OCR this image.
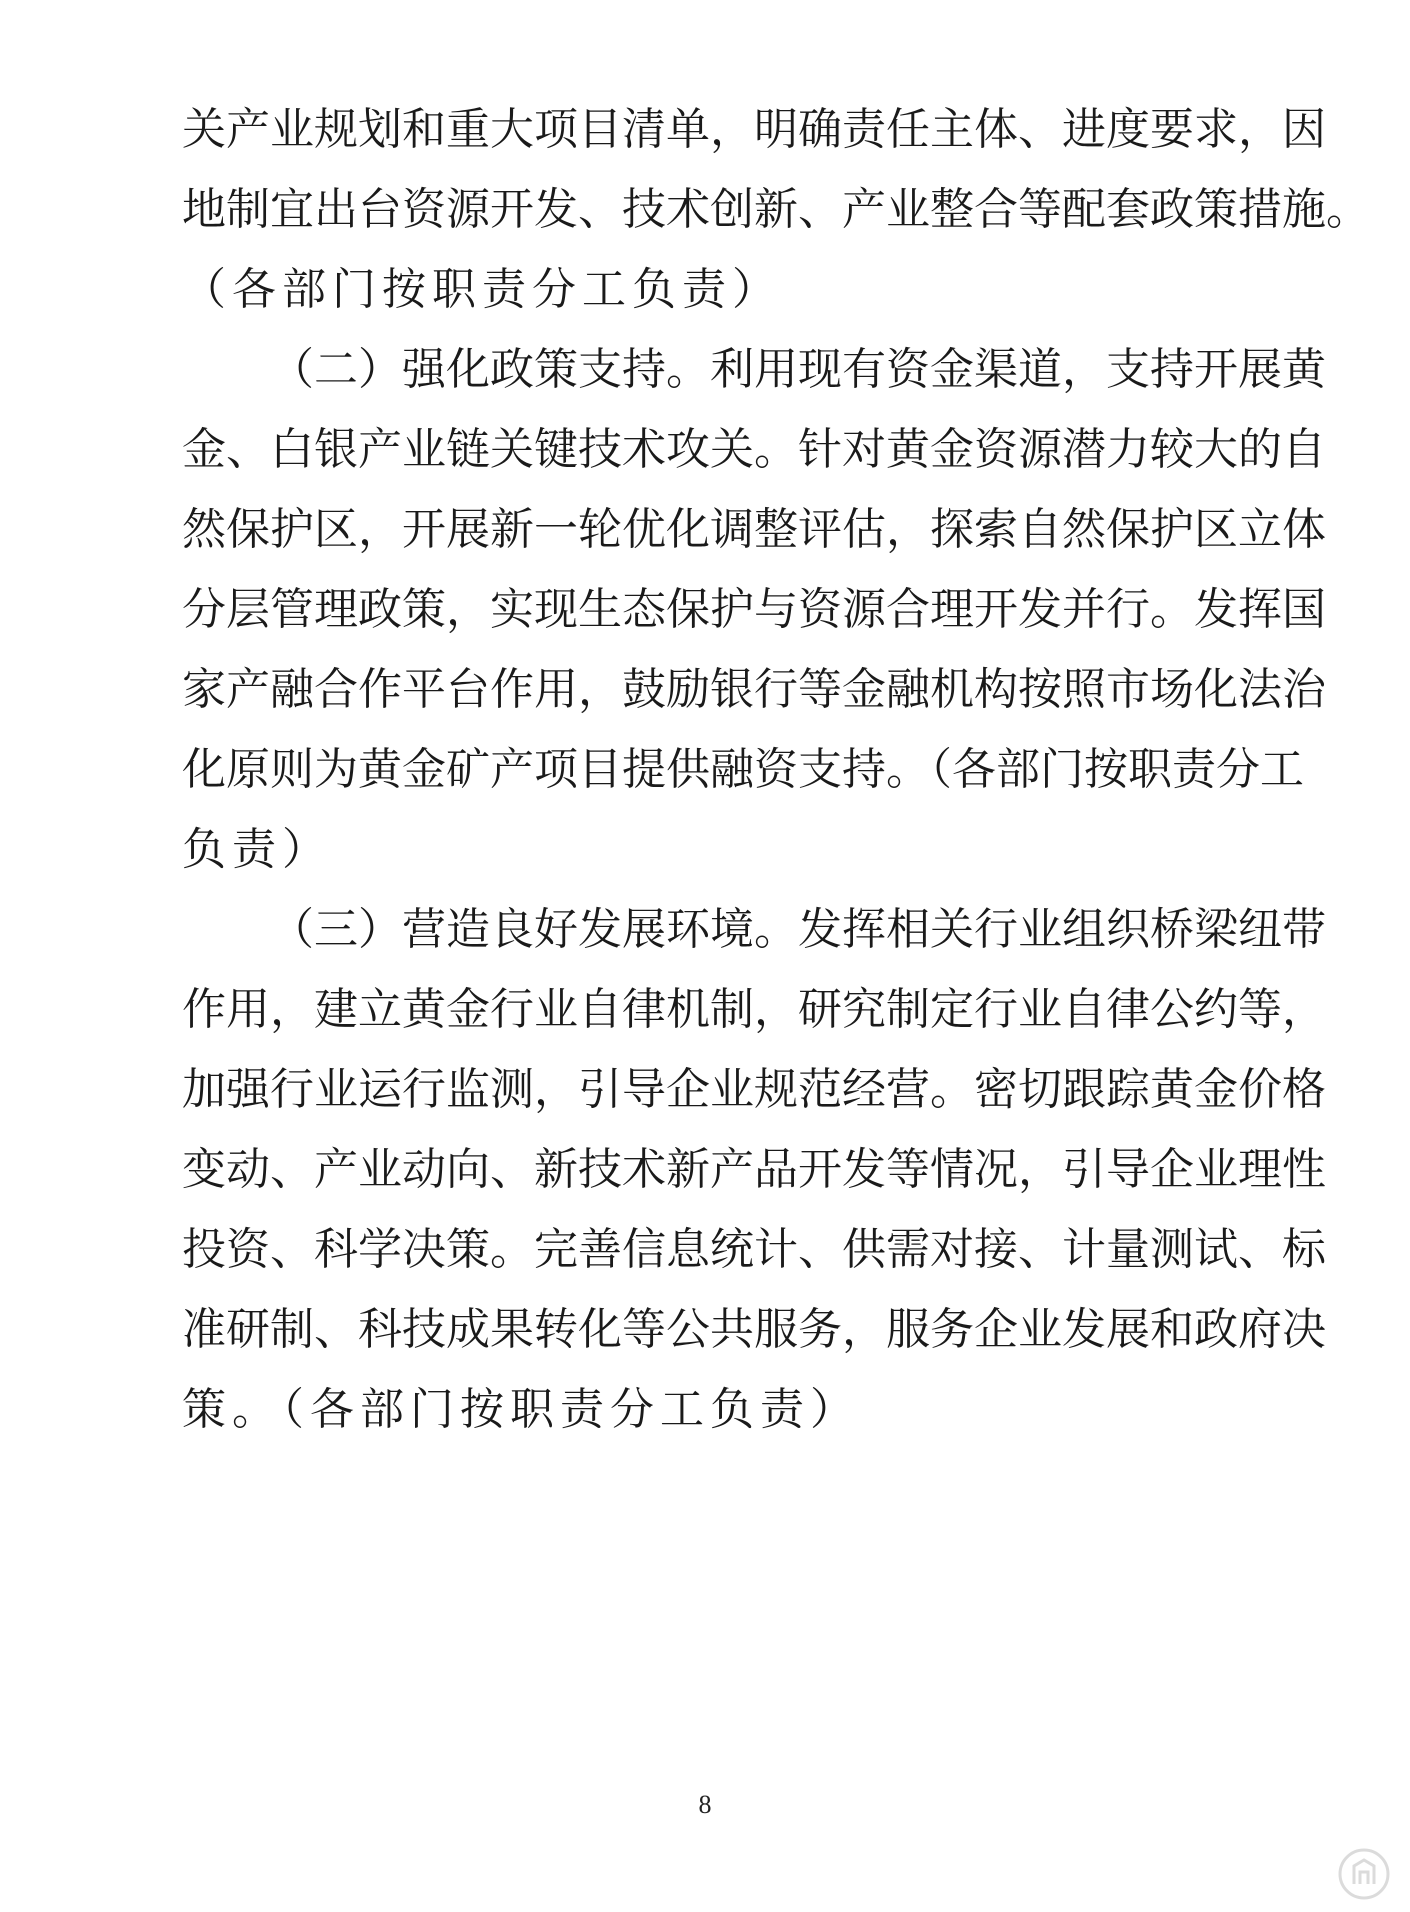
关产业规划和重大项目清单，明确责任主体、进度要求，因
地制宜出台资源开发、技术创新、产业整合等配套政策措施。
（各部门按职责分工负责）
（二）强化政策支持。利用现有资金渠道，支持开展黄
金、白银产业链关键技术攻关。针对黄金资源潜力较大的自
然保护区，开展新一轮优化调整评估，探索自然保护区立体
分层管理政策，实现生态保护与资源合理开发并行。发挥国
家产融合作平台作用，鼓励银行等金融机构按照市场化法治
化原则为黄金矿产项目提供融资支持。（各部门按职责分工
负责）
（三）营造良好发展环境。发挥相关行业组织桥梁纽带
作用，建立黄金行业自律机制，研究制定行业自律公约等，
加强行业运行监测，引导企业规范经营。密切跟踪黄金价格
变动、产业动向、新技术新产品开发等情况，引导企业理性
投资、科学决策。完善信息统计、供需对接、计量测试、标
准研制、科技成果转化等公共服务，服务企业发展和政府决
策。（各部门按职责分工负责）
8
